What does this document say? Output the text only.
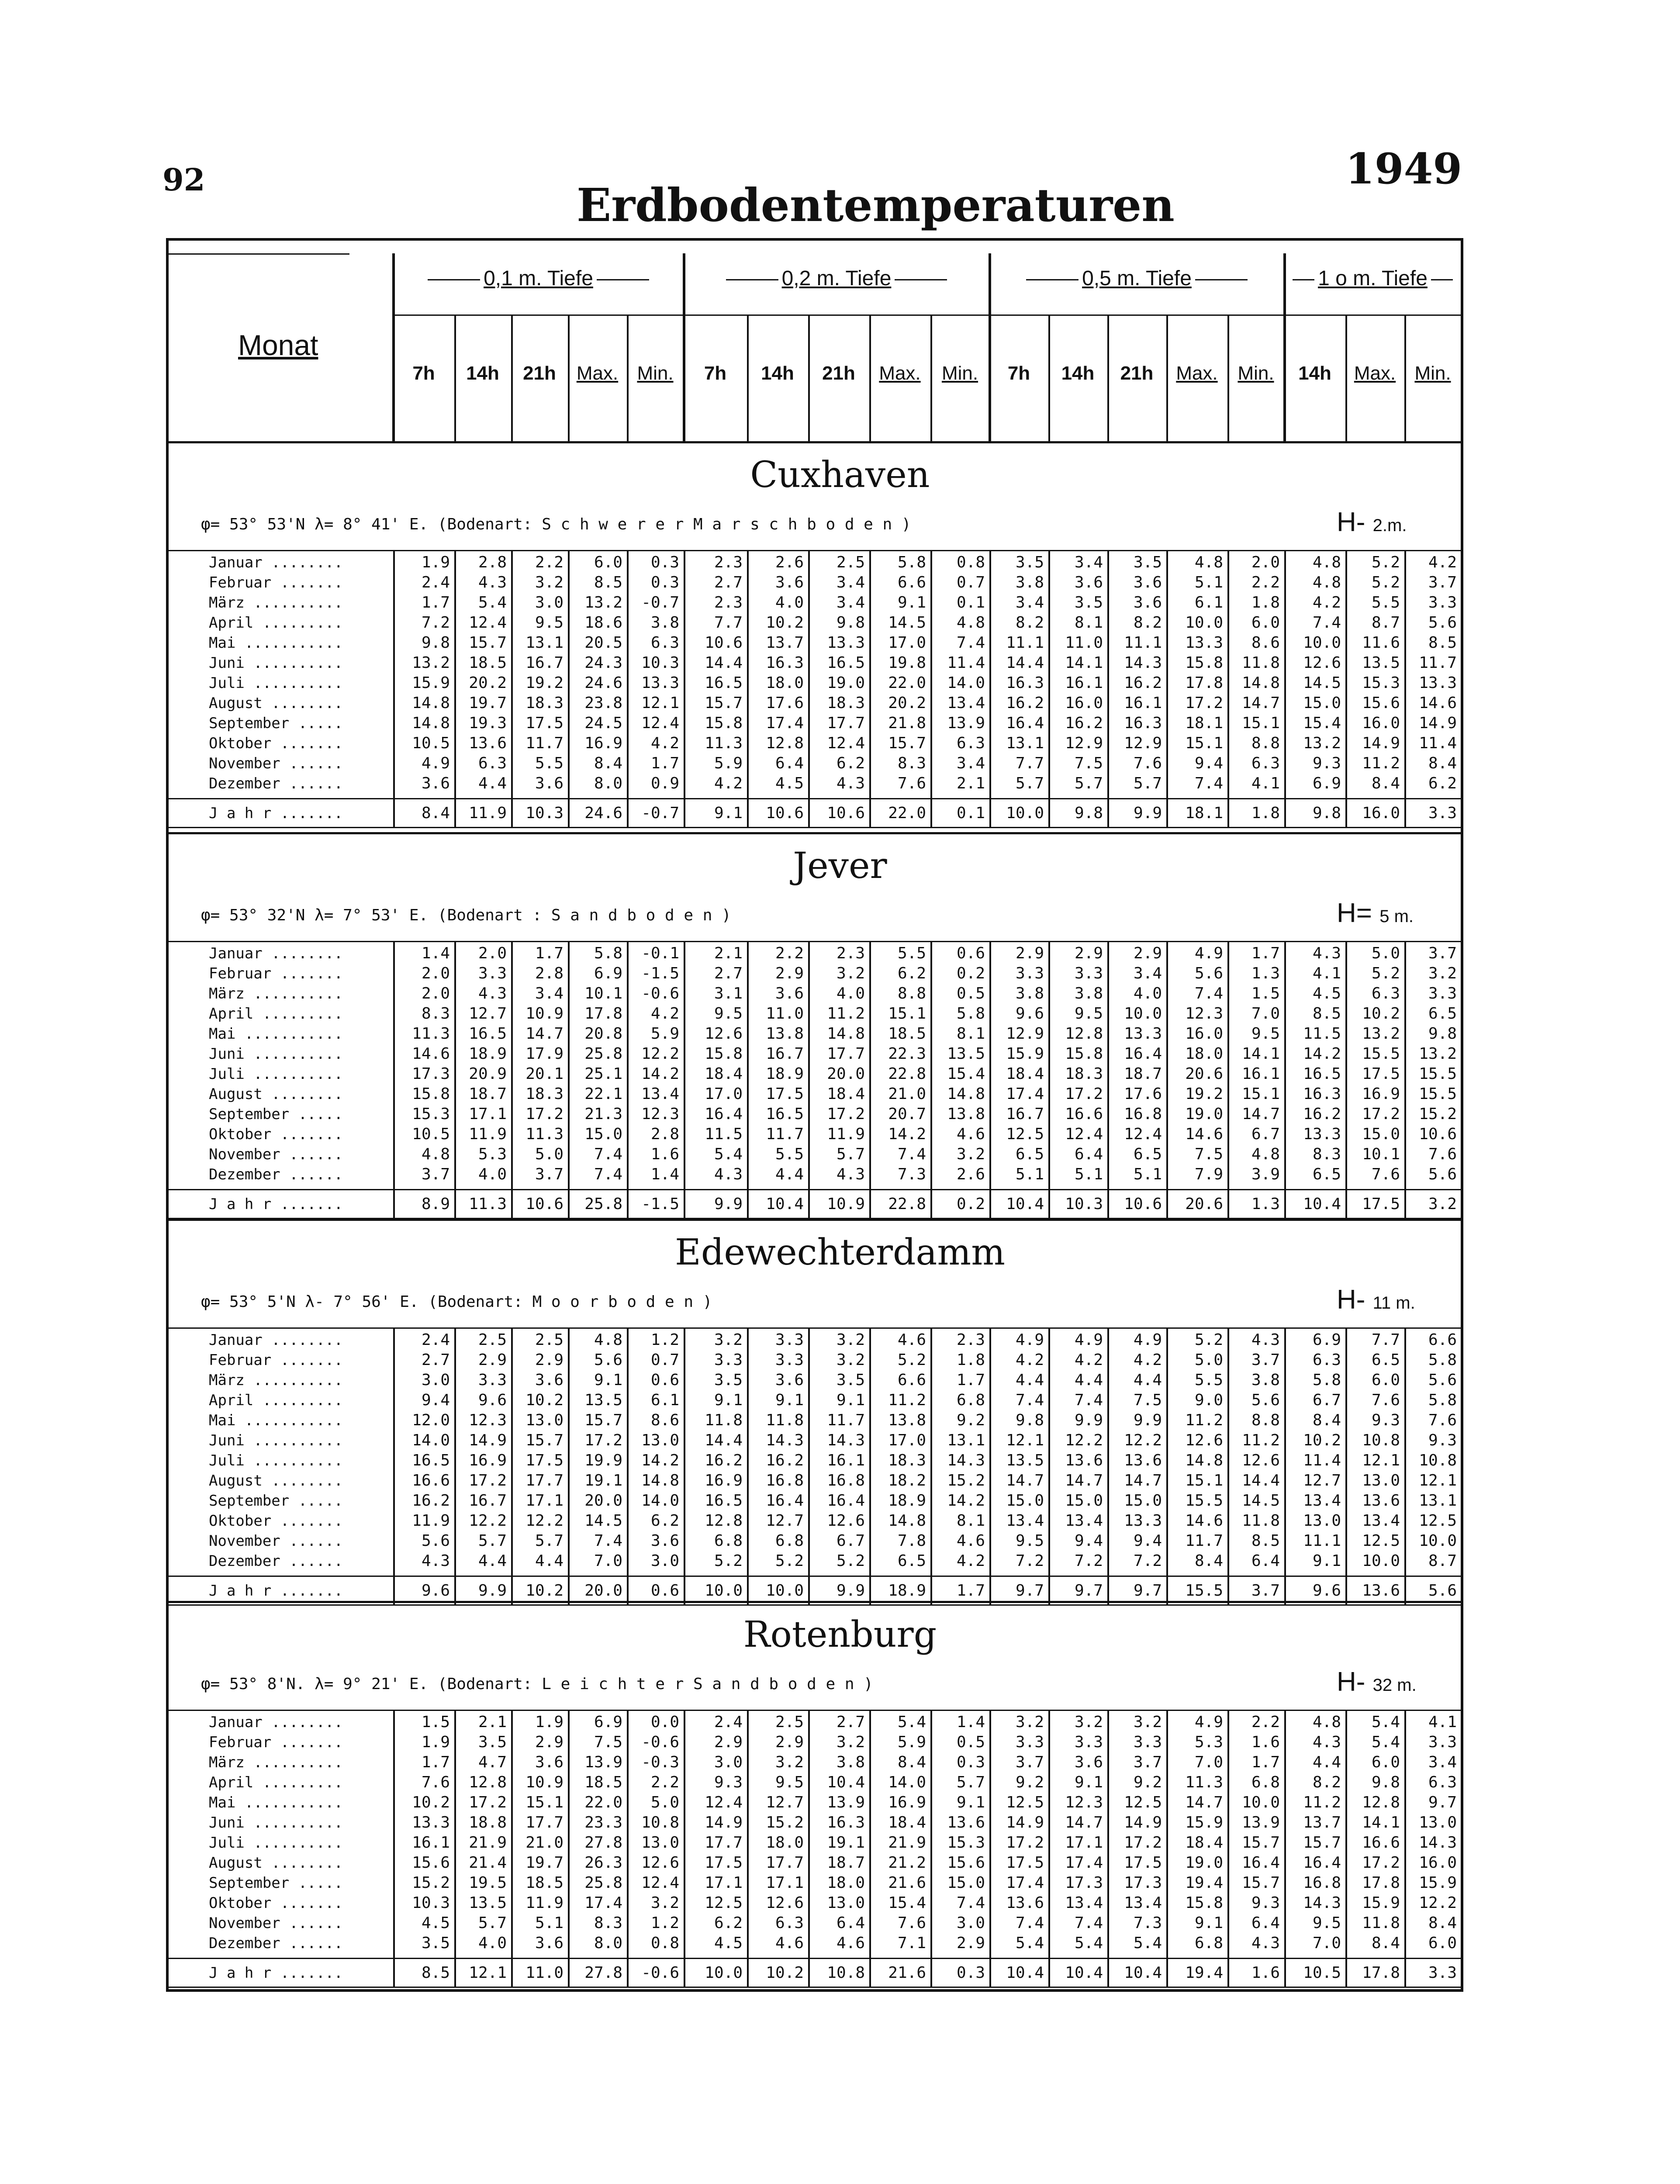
92	1949
Erdbodentemperaturen
Monat
0,1 m. Tiefe	0,2 m. Tiefe	0,5 m. Tiefe	1 o m. Tiefe
7h	14h	21h	Max. Min.	7h	14h	21h	Max.	Min.	7h	14h	21h	Max.	Min.	14h	Max. Min.
Cuxhaven
φ= 53° 53'N λ= 8° 41' E. (Bodenart: S c h w e r e r M a r s c h b o d e n )	H- 2.m.
Januar ........	1.9	2.8	2.2	6.0	0.3	2.3	2.6	2.5	5.8	0.8	3.5	3.4	3.5	4.8	2.0	4.8	5.2	4.2
Februar .......	2.4	4.3	3.2	8.5	0.3	2.7	3.6	3.4	6.6	0.7	3.8	3.6	3.6	5.1	2.2	4.8	5.2	3.7
März ..........	1.7	5.4	3.0	13.2	-0.7	2.3	4.0	3.4	9.1	0.1	3.4	3.5	3.6	6.1	1.8	4.2	5.5	3.3
April .........	7.2	12.4	9.5	18.6	3.8	7.7	10.2	9.8	14.5	4.8	8.2	8.1	8.2	10.0	6.0	7.4	8.7	5.6
Mai ...........	9.8	15.7	13.1	20.5	6.3	10.6	13.7	13.3	17.0	7.4	11.1	11.0	11.1	13.3	8.6	10.0	11.6	8.5
Juni ..........	13.2	18.5	16.7	24.3	10.3	14.4	16.3	16.5	19.8	11.4	14.4	14.1	14.3	15.8	11.8	12.6	13.5	11.7
Juli ..........	15.9	20.2	19.2	24.6	13.3	16.5	18.0	19.0	22.0	14.0	16.3	16.1	16.2	17.8	14.8	14.5	15.3	13.3
August ........	14.8	19.7	18.3	23.8	12.1	15.7	17.6	18.3	20.2	13.4	16.2	16.0	16.1	17.2	14.7	15.0	15.6	14.6
September .....	14.8	19.3	17.5	24.5	12.4	15.8	17.4	17.7	21.8	13.9	16.4	16.2	16.3	18.1	15.1	15.4	16.0	14.9
Oktober .......	10.5	13.6	11.7	16.9	4.2	11.3	12.8	12.4	15.7	6.3	13.1	12.9	12.9	15.1	8.8	13.2	14.9	11.4
November ......	4.9	6.3	5.5	8.4	1.7	5.9	6.4	6.2	8.3	3.4	7.7	7.5	7.6	9.4	6.3	9.3	11.2	8.4
Dezember ......	3.6	4.4	3.6	8.0	0.9	4.2	4.5	4.3	7.6	2.1	5.7	5.7	5.7	7.4	4.1	6.9	8.4	6.2
J a h r .......	8.4	11.9	10.3	24.6	-0.7	9.1	10.6	10.6	22.0	0.1	10.0	9.8	9.9	18.1	1.8	9.8	16.0	3.3
Jever
φ= 53° 32'N λ= 7° 53' E. (Bodenart : S a n d b o d e n )	H= 5 m.
Januar ........	1.4	2.0	1.7	5.8	-0.1	2.1	2.2	2.3	5.5	0.6	2.9	2.9	2.9	4.9	1.7	4.3	5.0	3.7
Februar .......	2.0	3.3	2.8	6.9	-1.5	2.7	2.9	3.2	6.2	0.2	3.3	3.3	3.4	5.6	1.3	4.1	5.2	3.2
März ..........	2.0	4.3	3.4	10.1	-0.6	3.1	3.6	4.0	8.8	0.5	3.8	3.8	4.0	7.4	1.5	4.5	6.3	3.3
April .........	8.3	12.7	10.9	17.8	4.2	9.5	11.0	11.2	15.1	5.8	9.6	9.5	10.0	12.3	7.0	8.5	10.2	6.5
Mai ...........	11.3	16.5	14.7	20.8	5.9	12.6	13.8	14.8	18.5	8.1	12.9	12.8	13.3	16.0	9.5	11.5	13.2	9.8
Juni ..........	14.6	18.9	17.9	25.8	12.2	15.8	16.7	17.7	22.3	13.5	15.9	15.8	16.4	18.0	14.1	14.2	15.5	13.2
Juli ..........	17.3	20.9	20.1	25.1	14.2	18.4	18.9	20.0	22.8	15.4	18.4	18.3	18.7	20.6	16.1	16.5	17.5	15.5
August ........	15.8	18.7	18.3	22.1	13.4	17.0	17.5	18.4	21.0	14.8	17.4	17.2	17.6	19.2	15.1	16.3	16.9	15.5
September .....	15.3	17.1	17.2	21.3	12.3	16.4	16.5	17.2	20.7	13.8	16.7	16.6	16.8	19.0	14.7	16.2	17.2	15.2
Oktober .......	10.5	11.9	11.3	15.0	2.8	11.5	11.7	11.9	14.2	4.6	12.5	12.4	12.4	14.6	6.7	13.3	15.0	10.6
November ......	4.8	5.3	5.0	7.4	1.6	5.4	5.5	5.7	7.4	3.2	6.5	6.4	6.5	7.5	4.8	8.3	10.1	7.6
Dezember ......	3.7	4.0	3.7	7.4	1.4	4.3	4.4	4.3	7.3	2.6	5.1	5.1	5.1	7.9	3.9	6.5	7.6	5.6
J a h r .......	8.9	11.3	10.6	25.8	-1.5	9.9	10.4	10.9	22.8	0.2	10.4	10.3	10.6	20.6	1.3	10.4	17.5	3.2
Edewechterdamm
φ= 53° 5'N λ- 7° 56' E. (Bodenart: M o o r b o d e n )	H- 11 m.
Januar ........	2.4	2.5	2.5	4.8	1.2	3.2	3.3	3.2	4.6	2.3	4.9	4.9	4.9	5.2	4.3	6.9	7.7	6.6
Februar .......	2.7	2.9	2.9	5.6	0.7	3.3	3.3	3.2	5.2	1.8	4.2	4.2	4.2	5.0	3.7	6.3	6.5	5.8
März ..........	3.0	3.3	3.6	9.1	0.6	3.5	3.6	3.5	6.6	1.7	4.4	4.4	4.4	5.5	3.8	5.8	6.0	5.6
April .........	9.4	9.6	10.2	13.5	6.1	9.1	9.1	9.1	11.2	6.8	7.4	7.4	7.5	9.0	5.6	6.7	7.6	5.8
Mai ...........	12.0	12.3	13.0	15.7	8.6	11.8	11.8	11.7	13.8	9.2	9.8	9.9	9.9	11.2	8.8	8.4	9.3	7.6
Juni ..........	14.0	14.9	15.7	17.2	13.0	14.4	14.3	14.3	17.0	13.1	12.1	12.2	12.2	12.6	11.2	10.2	10.8	9.3
Juli ..........	16.5	16.9	17.5	19.9	14.2	16.2	16.2	16.1	18.3	14.3	13.5	13.6	13.6	14.8	12.6	11.4	12.1	10.8
August ........	16.6	17.2	17.7	19.1	14.8	16.9	16.8	16.8	18.2	15.2	14.7	14.7	14.7	15.1	14.4	12.7	13.0	12.1
September .....	16.2	16.7	17.1	20.0	14.0	16.5	16.4	16.4	18.9	14.2	15.0	15.0	15.0	15.5	14.5	13.4	13.6	13.1
Oktober .......	11.9	12.2	12.2	14.5	6.2	12.8	12.7	12.6	14.8	8.1	13.4	13.4	13.3	14.6	11.8	13.0	13.4	12.5
November ......	5.6	5.7	5.7	7.4	3.6	6.8	6.8	6.7	7.8	4.6	9.5	9.4	9.4	11.7	8.5	11.1	12.5	10.0
Dezember ......	4.3	4.4	4.4	7.0	3.0	5.2	5.2	5.2	6.5	4.2	7.2	7.2	7.2	8.4	6.4	9.1	10.0	8.7
J a h r .......	9.6	9.9	10.2	20.0	0.6	10.0	10.0	9.9	18.9	1.7	9.7	9.7	9.7	15.5	3.7	9.6	13.6	5.6
Rotenburg
φ= 53° 8'N. λ= 9° 21' E. (Bodenart: L e i c h t e r S a n d b o d e n )	H- 32 m.
Januar ........	1.5	2.1	1.9	6.9	0.0	2.4	2.5	2.7	5.4	1.4	3.2	3.2	3.2	4.9	2.2	4.8	5.4	4.1
Februar .......	1.9	3.5	2.9	7.5	-0.6	2.9	2.9	3.2	5.9	0.5	3.3	3.3	3.3	5.3	1.6	4.3	5.4	3.3
März ..........	1.7	4.7	3.6	13.9	-0.3	3.0	3.2	3.8	8.4	0.3	3.7	3.6	3.7	7.0	1.7	4.4	6.0	3.4
April .........	7.6	12.8	10.9	18.5	2.2	9.3	9.5	10.4	14.0	5.7	9.2	9.1	9.2	11.3	6.8	8.2	9.8	6.3
Mai ...........	10.2	17.2	15.1	22.0	5.0	12.4	12.7	13.9	16.9	9.1	12.5	12.3	12.5	14.7	10.0	11.2	12.8	9.7
Juni ..........	13.3	18.8	17.7	23.3	10.8	14.9	15.2	16.3	18.4	13.6	14.9	14.7	14.9	15.9	13.9	13.7	14.1	13.0
Juli ..........	16.1	21.9	21.0	27.8	13.0	17.7	18.0	19.1	21.9	15.3	17.2	17.1	17.2	18.4	15.7	15.7	16.6	14.3
August ........	15.6	21.4	19.7	26.3	12.6	17.5	17.7	18.7	21.2	15.6	17.5	17.4	17.5	19.0	16.4	16.4	17.2	16.0
September .....	15.2	19.5	18.5	25.8	12.4	17.1	17.1	18.0	21.6	15.0	17.4	17.3	17.3	19.4	15.7	16.8	17.8	15.9
Oktober .......	10.3	13.5	11.9	17.4	3.2	12.5	12.6	13.0	15.4	7.4	13.6	13.4	13.4	15.8	9.3	14.3	15.9	12.2
November ......	4.5	5.7	5.1	8.3	1.2	6.2	6.3	6.4	7.6	3.0	7.4	7.4	7.3	9.1	6.4	9.5	11.8	8.4
Dezember ......	3.5	4.0	3.6	8.0	0.8	4.5	4.6	4.6	7.1	2.9	5.4	5.4	5.4	6.8	4.3	7.0	8.4	6.0
J a h r .......	8.5	12.1	11.0	27.8	-0.6	10.0	10.2	10.8	21.6	0.3	10.4	10.4	10.4	19.4	1.6	10.5	17.8	3.3
